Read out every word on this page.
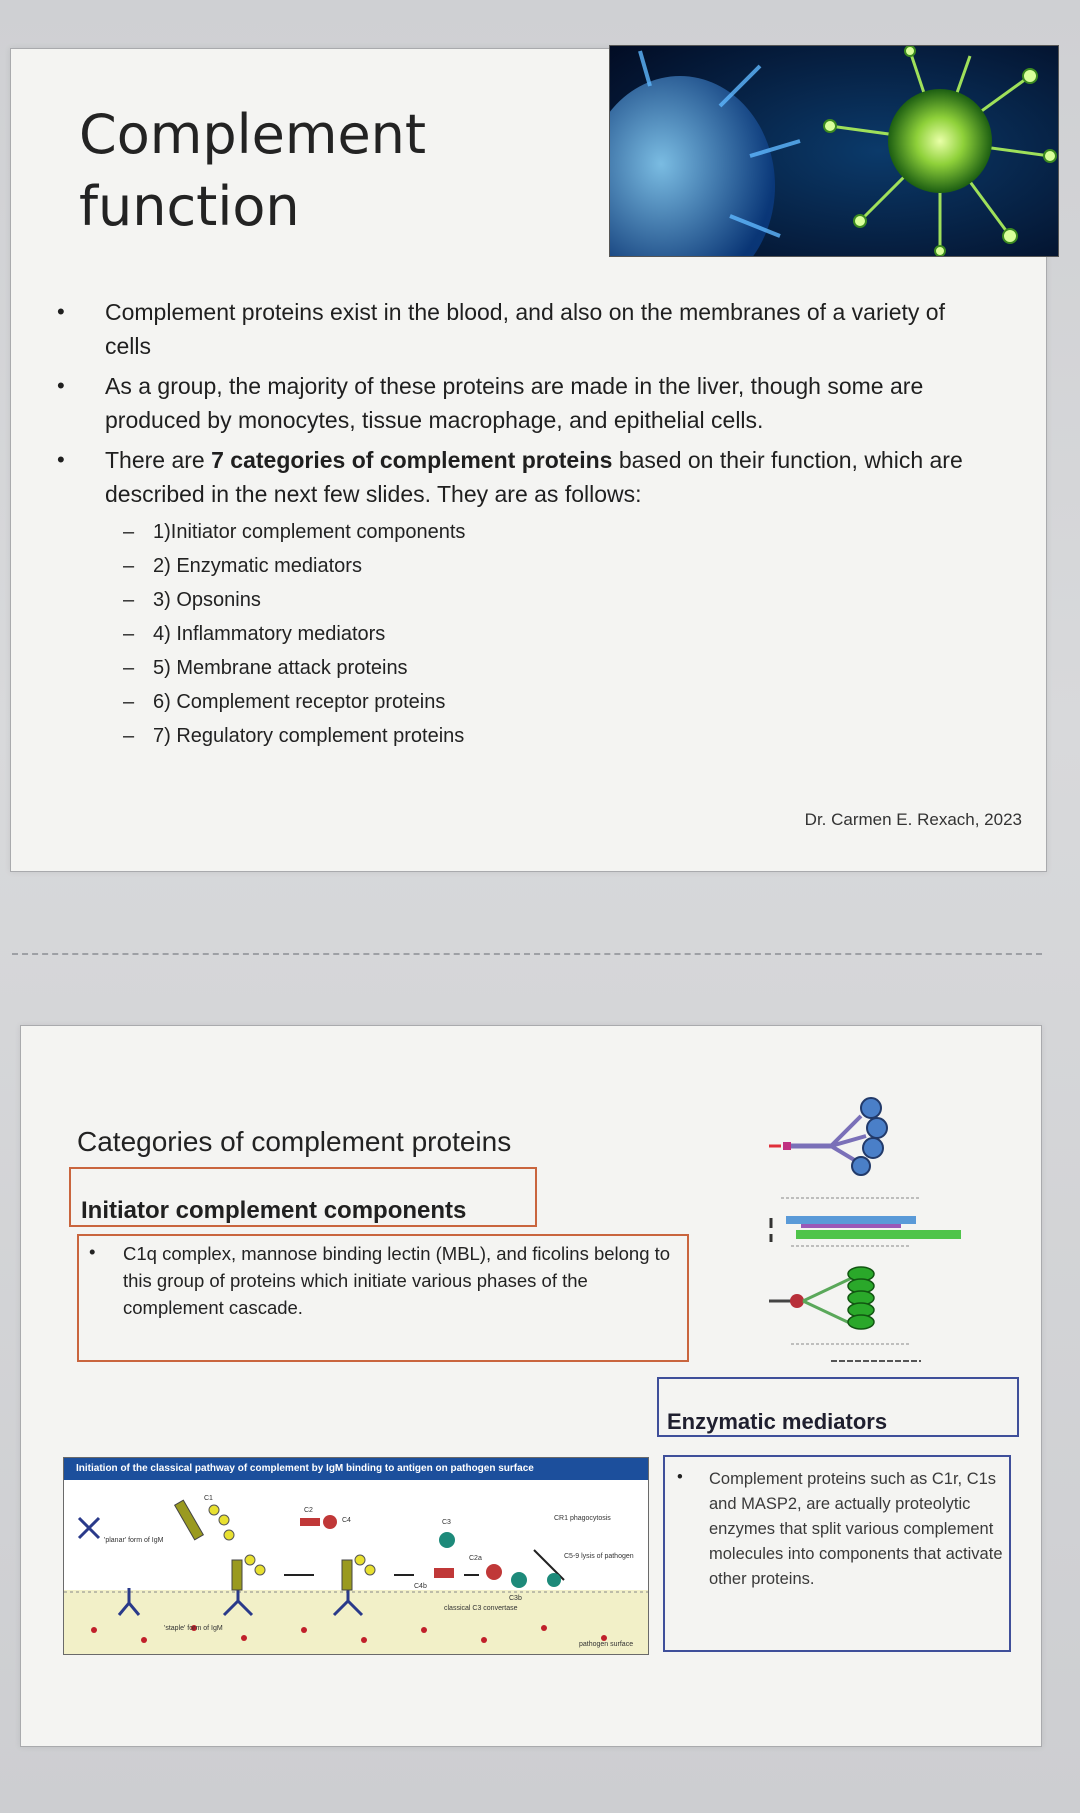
Complement
function
• Complement proteins exist in the blood, and also on the membranes of a variety of cells
• As a group, the majority of these proteins are made in the liver, though some are produced by monocytes, tissue macrophage, and epithelial cells.
• There are 7 categories of complement proteins based on their function, which are described in the next few slides. They are as follows:
– 1)Initiator complement components
– 2) Enzymatic mediators
– 3) Opsonins
– 4) Inflammatory mediators
– 5) Membrane attack proteins
– 6) Complement receptor proteins
– 7) Regulatory complement proteins
Dr. Carmen E. Rexach, 2023
Categories of complement proteins
Initiator complement components
• C1q complex, mannose binding lectin (MBL), and ficolins belong to this group of proteins which initiate various phases of the complement cascade.
Enzymatic mediators
• Complement proteins such as C1r, C1s and MASP2, are actually proteolytic enzymes that split various complement molecules into components that activate other proteins.
Initiation of the classical pathway of complement by IgM binding to antigen on pathogen surface
'planar' form of IgM
'staple' form of IgM
C1
C2
C4	C3
C4b
C2a
C3b
CR1 phagocytosis
C5-9 lysis of pathogen
classical C3 convertase
pathogen surface
